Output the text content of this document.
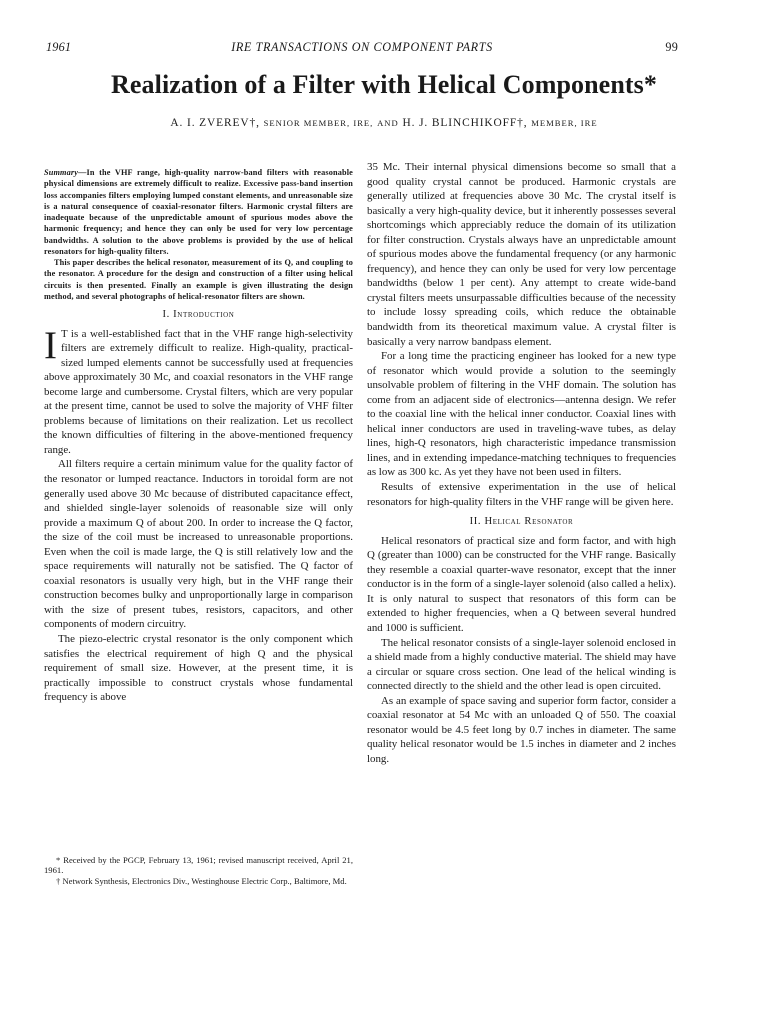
1961	IRE TRANSACTIONS ON COMPONENT PARTS	99
Realization of a Filter with Helical Components*
A. I. ZVEREV†, SENIOR MEMBER, IRE, AND H. J. BLINCHIKOFF†, MEMBER, IRE

Summary—In the VHF range, high-quality narrow-band filters with reasonable physical dimensions are extremely difficult to realize. Excessive pass-band insertion loss accompanies filters employing lumped constant elements, and unreasonable size is a natural consequence of coaxial-resonator filters. Harmonic crystal filters are inadequate because of the unpredictable amount of spurious modes above the harmonic frequency; and hence they can only be used for very low percentage bandwidths. A solution to the above problems is provided by the use of helical resonators for high-quality filters.

This paper describes the helical resonator, measurement of its Q, and coupling to the resonator. A procedure for the design and construction of a filter using helical circuits is then presented. Finally an example is given illustrating the design method, and several photographs of helical-resonator filters are shown.

I. Introduction

I T is a well-established fact that in the VHF range high-selectivity filters are extremely difficult to realize. High-quality, practical-sized lumped elements cannot be successfully used at frequencies above approximately 30 Mc, and coaxial resonators in the VHF range become large and cumbersome. Crystal filters, which are very popular at the present time, cannot be used to solve the majority of VHF filter problems because of limitations on their realization. Let us recollect the known difficulties of filtering in the above-mentioned frequency range.

All filters require a certain minimum value for the quality factor of the resonator or lumped reactance. Inductors in toroidal form are not generally used above 30 Mc because of distributed capacitance effect, and shielded single-layer solenoids of reasonable size will only provide a maximum Q of about 200. In order to increase the Q factor, the size of the coil must be increased to unreasonable proportions. Even when the coil is made large, the Q is still relatively low and the space requirements will naturally not be satisfied. The Q factor of coaxial resonators is usually very high, but in the VHF range their construction becomes bulky and unproportionally large in comparison with the size of present tubes, resistors, capacitors, and other components of modern circuitry.

The piezo-electric crystal resonator is the only component which satisfies the electrical requirement of high Q and the physical requirement of small size. However, at the present time, it is practically impossible to construct crystals whose fundamental frequency is above

* Received by the PGCP, February 13, 1961; revised manuscript received, April 21, 1961.

† Network Synthesis, Electronics Div., Westinghouse Electric Corp., Baltimore, Md.

35 Mc. Their internal physical dimensions become so small that a good quality crystal cannot be produced. Harmonic crystals are generally utilized at frequencies above 30 Mc. The crystal itself is basically a very high-quality device, but it inherently possesses several shortcomings which appreciably reduce the domain of its utilization for filter construction. Crystals always have an unpredictable amount of spurious modes above the fundamental frequency (or any harmonic frequency), and hence they can only be used for very low percentage bandwidths (below 1 per cent). Any attempt to create wide-band crystal filters meets unsurpassable difficulties because of the necessity to include lossy spreading coils, which reduce the obtainable bandwidth from its theoretical maximum value. A crystal filter is basically a very narrow bandpass element.

For a long time the practicing engineer has looked for a new type of resonator which would provide a solution to the seemingly unsolvable problem of filtering in the VHF domain. The solution has come from an adjacent side of electronics—antenna design. We refer to the coaxial line with the helical inner conductor. Coaxial lines with helical inner conductors are used in traveling-wave tubes, as delay lines, high-Q resonators, high characteristic impedance transmission lines, and in extending impedance-matching techniques to frequencies as low as 300 kc. As yet they have not been used in filters.

Results of extensive experimentation in the use of helical resonators for high-quality filters in the VHF range will be given here.

II. Helical Resonator

Helical resonators of practical size and form factor, and with high Q (greater than 1000) can be constructed for the VHF range. Basically they resemble a coaxial quarter-wave resonator, except that the inner conductor is in the form of a single-layer solenoid (also called a helix). It is only natural to suspect that resonators of this form can be extended to higher frequencies, when a Q between several hundred and 1000 is sufficient.

The helical resonator consists of a single-layer solenoid enclosed in a shield made from a highly conductive material. The shield may have a circular or square cross section. One lead of the helical winding is connected directly to the shield and the other lead is open circuited.

As an example of space saving and superior form factor, consider a coaxial resonator at 54 Mc with an unloaded Q of 550. The coaxial resonator would be 4.5 feet long by 0.7 inches in diameter. The same quality helical resonator would be 1.5 inches in diameter and 2 inches long.
